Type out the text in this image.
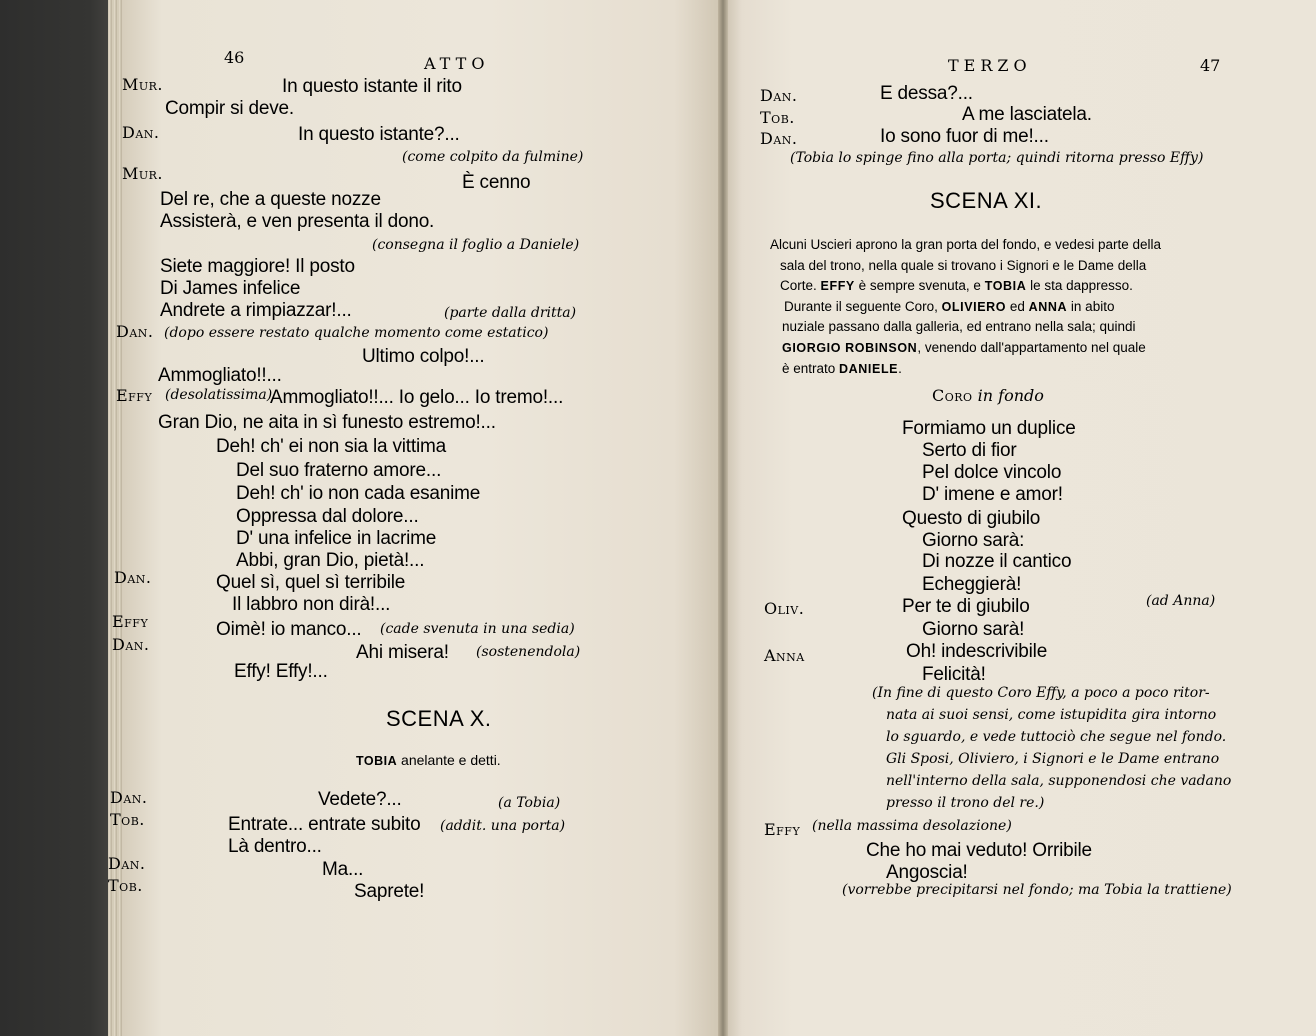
46	ATTO	47
TERZO
SCENA X.
TOBIA anelante e detti.
SCENA XI.
Alcuni Uscieri aprono la gran porta del fondo, e vedesi parte della
sala del trono, nella quale si trovano i Signori e le Dame della
Corte. EFFY è sempre svenuta, e TOBIA le sta dappresso.
Durante il seguente Coro, OLIVIERO ed ANNA in abito
nuziale passano dalla galleria, ed entrano nella sala; quindi
GIORGIO ROBINSON, venendo dall'appartamento nel quale
è entrato DANIELE.
Coro in fondo
Mur.	In questo istante il rito
Compir si deve.
Dan.	In questo istante?...
(come colpito da fulmine)
Mur.	È cenno
Del re, che a queste nozze
Assisterà, e ven presenta il dono.
(consegna il foglio a Daniele)
Siete maggiore! Il posto
Di James infelice
Andrete a rimpiazzar!...	(parte dalla dritta)
Dan. (dopo essere restato qualche momento come estatico)
Ultimo colpo!...
Ammogliato!!...
Effy	Ammogliato!!... Io gelo... Io tremo!...
(desolatissima)
Gran Dio, ne aita in sì funesto estremo!...
Deh! ch' ei non sia la vittima
Del suo fraterno amore...
Deh! ch' io non cada esanime
Oppressa dal dolore...
D' una infelice in lacrime
Abbi, gran Dio, pietà!...
Dan.	Quel sì, quel sì terribile
Il labbro non dirà!...
Effy	Oimè! io manco... (cade svenuta in una sedia)
Dan.	Ahi misera! (sostenendola)
Effy! Effy!...
Dan.	Vedete?...	(a Tobia)
Tob.	Entrate... entrate subito (addit. una porta)
Là dentro...
Dan.	Ma...
Tob.	Saprete!
Dan.	E dessa?...
Tob.	A me lasciatela.
Dan.	Io sono fuor di me!...
(Tobia lo spinge fino alla porta; quindi ritorna presso Effy)
Formiamo un duplice
Serto di fior
Pel dolce vincolo
D' imene e amor!
Questo di giubilo
Giorno sarà:
Di nozze il cantico
Echeggierà!
Oliv.	Per te di giubilo	(ad Anna)
Giorno sarà!
Anna	Oh! indescrivibile
Felicità!
(In fine di questo Coro Effy, a poco a poco ritor-
nata ai suoi sensi, come istupidita gira intorno
lo sguardo, e vede tuttociò che segue nel fondo.
Gli Sposi, Oliviero, i Signori e le Dame entrano
nell'interno della sala, supponendosi che vadano
presso il trono del re.)
Effy (nella massima desolazione)
Che ho mai veduto! Orribile
Angoscia!
(vorrebbe precipitarsi nel fondo; ma Tobia la trattiene)
